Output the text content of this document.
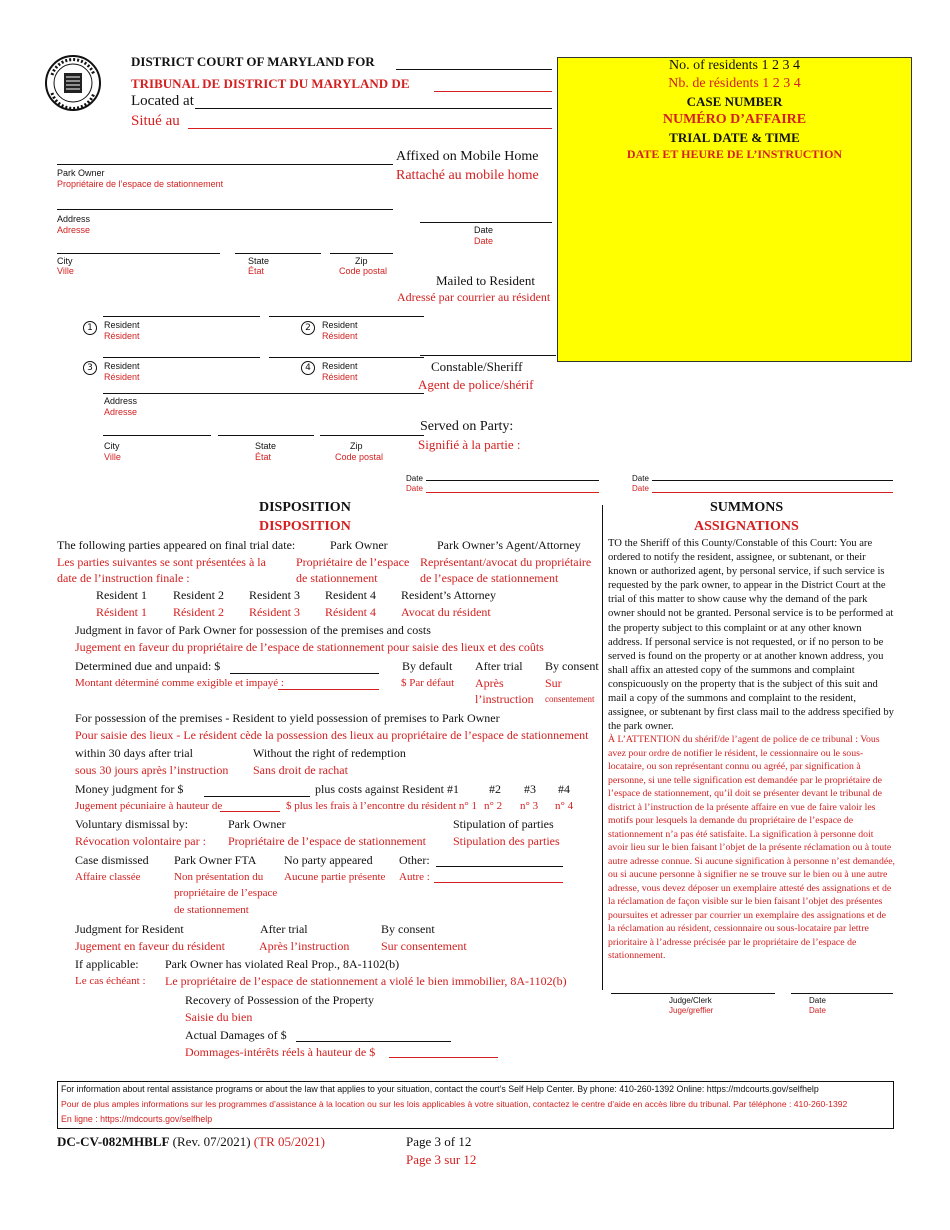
DISTRICT COURT OF MARYLAND FOR
TRIBUNAL DE DISTRICT DU MARYLAND DE
Located at
Situé au
No. of residents 1 2 3 4
Nb. de résidents 1 2 3 4
CASE NUMBER
NUMÉRO D’AFFAIRE
TRIAL DATE & TIME
DATE ET HEURE DE L’INSTRUCTION
Park Owner
Propriétaire de l’espace de stationnement
Address
Adresse
City
Ville
State
État
Zip
Code postal
1	Resident
Résident
2	Resident
Résident
3	Resident
Résident
4	Resident
Résident
Address
Adresse
City
Ville
State
État
Zip
Code postal
Affixed on Mobile Home
Rattaché au mobile home
Date
Date
Mailed to Resident
Adressé par courrier au résident
Constable/Sheriff
Agent de police/shérif
Served on Party:
Signifié à la partie :
Date
Date
Date
Date
DISPOSITION
DISPOSITION
The following parties appeared on final trial date:
Les parties suivantes se sont présentées à la
date de l’instruction finale :
Park Owner
Propriétaire de l’espace
de stationnement
Park Owner’s Agent/Attorney
Représentant/avocat du propriétaire
de l’espace de stationnement
Resident 1 Resident 2 Resident 3 Resident 4 Resident’s Attorney
Résident 1 Résident 2 Résident 3 Résident 4 Avocat du résident
Judgment in favor of Park Owner for possession of the premises and costs
Jugement en faveur du propriétaire de l’espace de stationnement pour saisie des lieux et des coûts
Determined due and unpaid: $
Montant déterminé comme exigible et impayé :
By default
$ Par défaut
After trial
Après
l’instruction
By consent
Sur
consentement
For possession of the premises - Resident to yield possession of premises to Park Owner
Pour saisie des lieux - Le résident cède la possession des lieux au propriétaire de l’espace de stationnement
within 30 days after trial
sous 30 jours après l’instruction
Without the right of redemption
Sans droit de rachat
Money judgment for $	plus costs against Resident #1	#2 #3 #4
Jugement pécuniaire à hauteur de	$ plus les frais à l’encontre du résident n° 1 n° 2 n° 3 n° 4
Voluntary dismissal by:
Révocation volontaire par :
Park Owner
Propriétaire de l’espace de stationnement
Stipulation of parties
Stipulation des parties
Case dismissed
Affaire classée
Park Owner FTA
Non présentation du
propriétaire de l’espace
de stationnement
No party appeared
Aucune partie présente
Other:
Autre :
Judgment for Resident
Jugement en faveur du résident
After trial
Après l’instruction
By consent
Sur consentement
If applicable:
Le cas échéant :
Park Owner has violated Real Prop., 8A-1102(b)
Le propriétaire de l’espace de stationnement a violé le bien immobilier, 8A-1102(b)
Recovery of Possession of the Property
Saisie du bien
Actual Damages of $
Dommages-intérêts réels à hauteur de $
SUMMONS
ASSIGNATIONS
TO the Sheriff of this County/Constable of this Court: You are ordered to notify the resident, assignee, or subtenant, or their known or authorized agent, by personal service, if such service is requested by the park owner, to appear in the District Court at the trial of this matter to show cause why the demand of the park owner should not be granted. Personal service is to be performed at the property subject to this complaint or at any other known address. If personal service is not requested, or if no person to be served is found on the property or at another known address, you shall affix an attested copy of the summons and complaint conspicuously on the property that is the subject of this suit and mail a copy of the summons and complaint to the resident, assignee, or subtenant by first class mail to the address specified by the park owner.
À L’ATTENTION du shérif/de l’agent de police de ce tribunal : Vous avez pour ordre de notifier le résident, le cessionnaire ou le sous-locataire, ou son représentant connu ou agréé, par signification à personne, si une telle signification est demandée par le propriétaire de l’espace de stationnement, qu’il doit se présenter devant le tribunal de district à l’instruction de la présente affaire en vue de faire valoir les motifs pour lesquels la demande du propriétaire de l’espace de stationnement n’a pas été satisfaite. La signification à personne doit avoir lieu sur le bien faisant l’objet de la présente réclamation ou à toute autre adresse connue. Si aucune signification à personne n’est demandée, ou si aucune personne à signifier ne se trouve sur le bien ou à une autre adresse, vous devez déposer un exemplaire attesté des assignations et de la réclamation de façon visible sur le bien faisant l’objet des présentes poursuites et adresser par courrier un exemplaire des assignations et de la réclamation au résident, cessionnaire ou sous-locataire par lettre prioritaire à l’adresse précisée par le propriétaire de l’espace de stationnement.
Judge/Clerk
Juge/greffier
Date
Date
For information about rental assistance programs or about the law that applies to your situation, contact the court’s Self Help Center. By phone: 410-260-1392 Online: https://mdcourts.gov/selfhelp
Pour de plus amples informations sur les programmes d’assistance à la location ou sur les lois applicables à votre situation, contactez le centre d’aide en accès libre du tribunal. Par téléphone : 410-260-1392
En ligne : https://mdcourts.gov/selfhelp
DC-CV-082MHBLF (Rev. 07/2021) (TR 05/2021)	Page 3 of 12
Page 3 sur 12
